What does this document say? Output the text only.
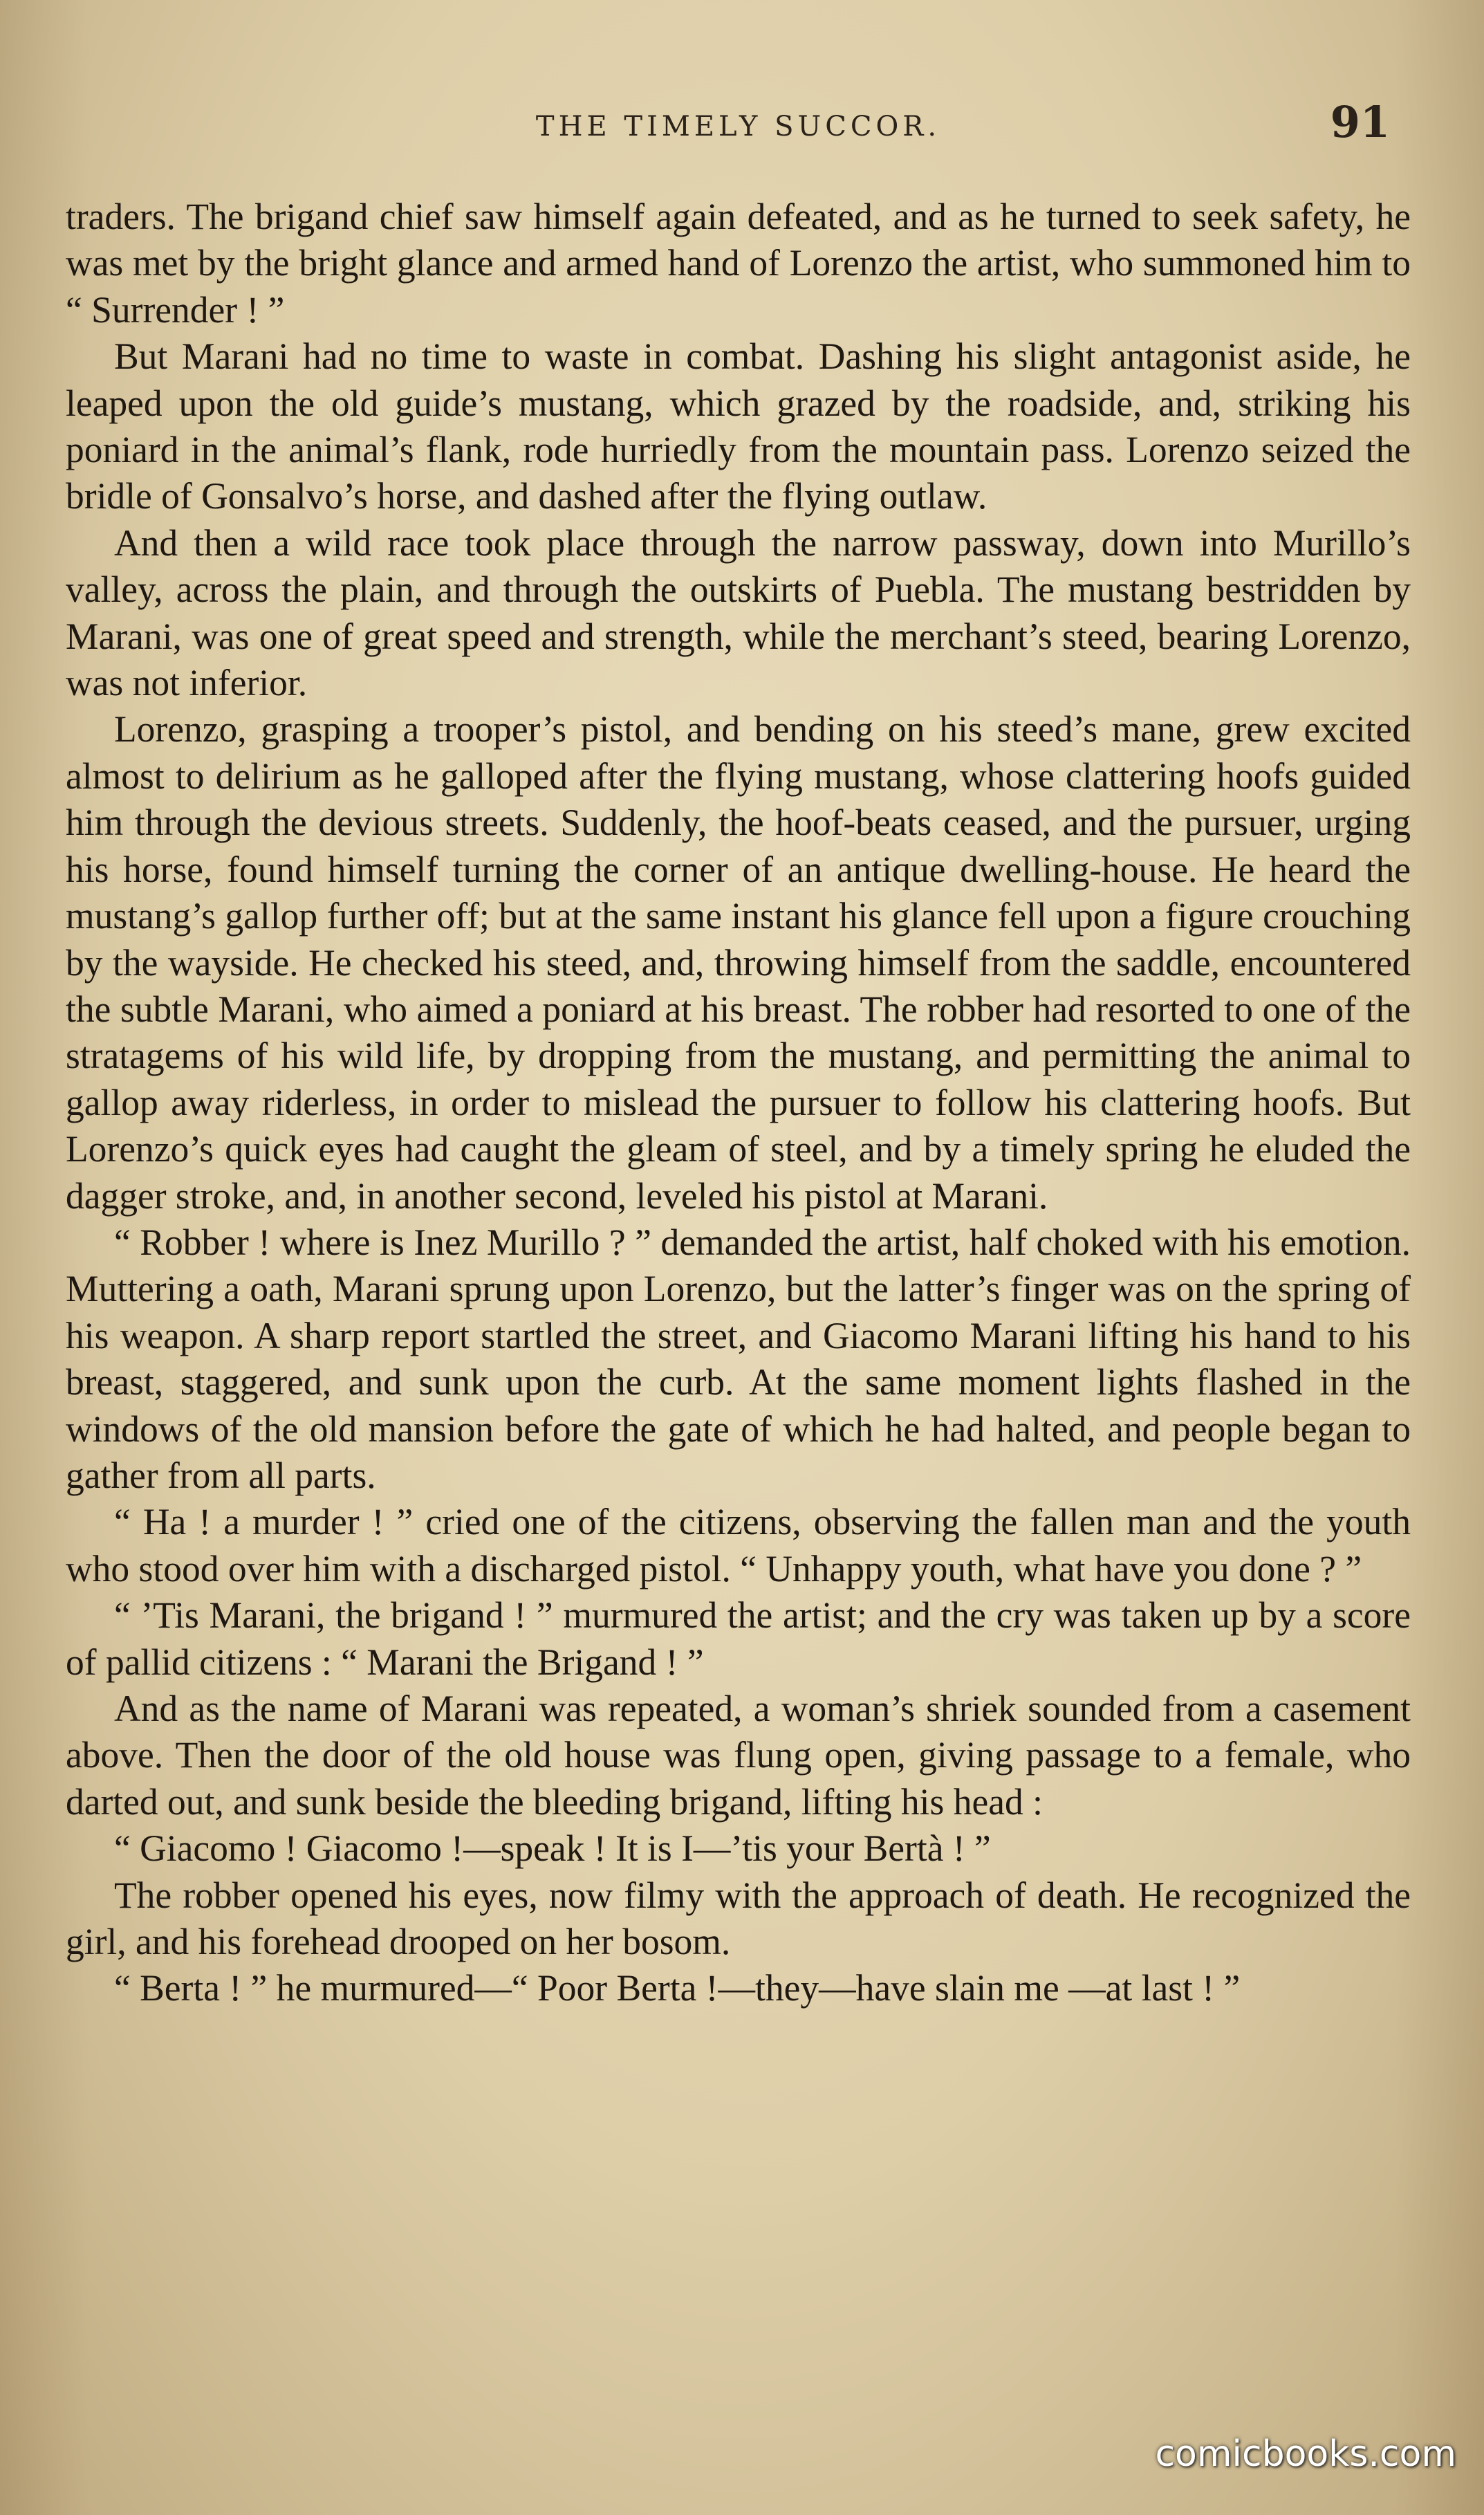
THE TIMELY SUCCOR.	91

traders. The brigand chief saw himself again defeated, and as he turned to seek safety, he was met by the bright glance and armed hand of Lorenzo the artist, who summoned him to “ Surrender ! ”

But Marani had no time to waste in combat. Dashing his slight antagonist aside, he leaped upon the old guide’s mustang, which grazed by the roadside, and, striking his poniard in the animal’s flank, rode hurriedly from the mountain pass. Lorenzo seized the bridle of Gonsalvo’s horse, and dashed after the flying outlaw.

And then a wild race took place through the narrow passway, down into Murillo’s valley, across the plain, and through the outskirts of Puebla. The mustang bestridden by Marani, was one of great speed and strength, while the merchant’s steed, bearing Lorenzo, was not inferior.

Lorenzo, grasping a trooper’s pistol, and bending on his steed’s mane, grew excited almost to delirium as he galloped after the flying mustang, whose clattering hoofs guided him through the devious streets. Suddenly, the hoof-beats ceased, and the pursuer, urging his horse, found himself turning the corner of an antique dwelling-house. He heard the mustang’s gallop further off; but at the same instant his glance fell upon a figure crouching by the wayside. He checked his steed, and, throwing himself from the saddle, encountered the subtle Marani, who aimed a poniard at his breast. The robber had resorted to one of the stratagems of his wild life, by dropping from the mustang, and permitting the animal to gallop away riderless, in order to mislead the pursuer to follow his clattering hoofs. But Lorenzo’s quick eyes had caught the gleam of steel, and by a timely spring he eluded the dagger stroke, and, in another second, leveled his pistol at Marani.

“ Robber ! where is Inez Murillo ? ” demanded the artist, half choked with his emotion. Muttering a oath, Marani sprung upon Lorenzo, but the latter’s finger was on the spring of his weapon. A sharp report startled the street, and Giacomo Marani lifting his hand to his breast, staggered, and sunk upon the curb. At the same moment lights flashed in the windows of the old mansion before the gate of which he had halted, and people began to gather from all parts.

“ Ha ! a murder ! ” cried one of the citizens, observing the fallen man and the youth who stood over him with a discharged pistol. “ Unhappy youth, what have you done ? ”

“ ’Tis Marani, the brigand ! ” murmured the artist; and the cry was taken up by a score of pallid citizens : “ Marani the Brigand ! ”

And as the name of Marani was repeated, a woman’s shriek sounded from a casement above. Then the door of the old house was flung open, giving passage to a female, who darted out, and sunk beside the bleeding brigand, lifting his head :

“ Giacomo ! Giacomo !—speak ! It is I—’tis your Bertà ! ”

The robber opened his eyes, now filmy with the approach of death. He recognized the girl, and his forehead drooped on her bosom.

“ Berta ! ” he murmured—“ Poor Berta !—they—have slain me —at last ! ”

comicbooks.com
